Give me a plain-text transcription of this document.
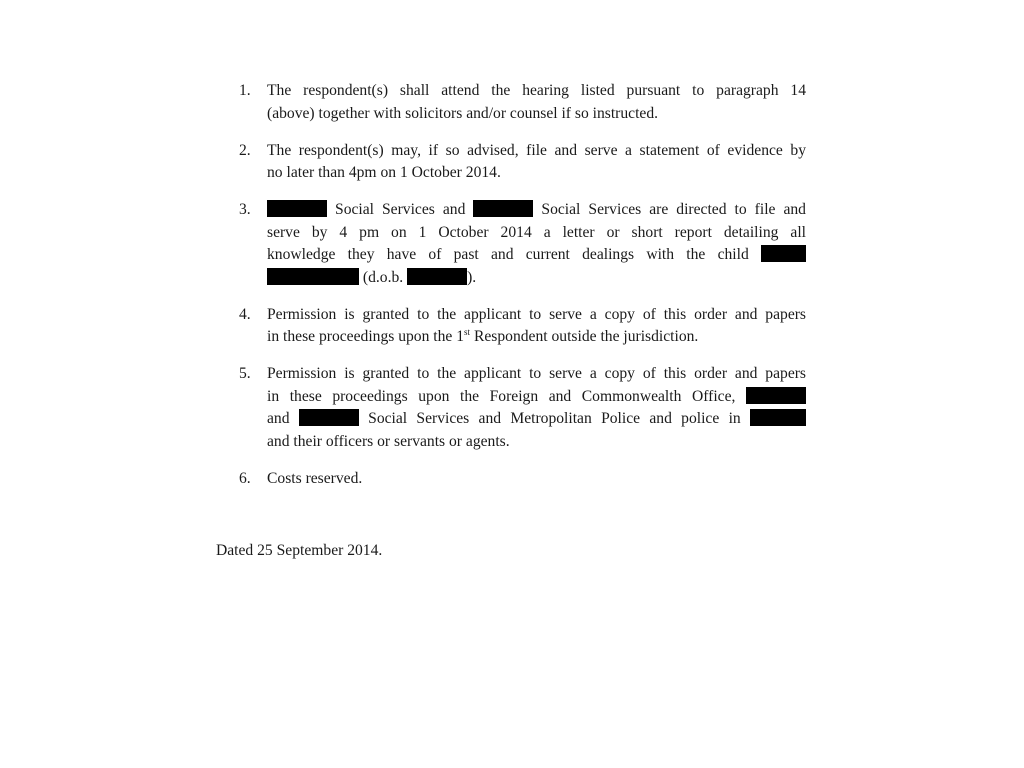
1.	The respondent(s) shall attend the hearing listed pursuant to paragraph 14
(above) together with solicitors and/or counsel if so instructed.
2.	The respondent(s) may, if so advised, file and serve a statement of evidence by
no later than 4pm on 1 October 2014.
3.	Social Services and	Social Services are directed to file and
serve by 4 pm on 1 October 2014 a letter or short report detailing all
knowledge they have of past and current dealings with the child
(d.o.b.	).
4.	Permission is granted to the applicant to serve a copy of this order and papers
in these proceedings upon the 1st Respondent outside the jurisdiction.
5.	Permission is granted to the applicant to serve a copy of this order and papers
in these proceedings upon the Foreign and Commonwealth Office,
and	Social Services and Metropolitan Police and police in
and their officers or servants or agents.
6.	Costs reserved.
Dated 25 September 2014.
